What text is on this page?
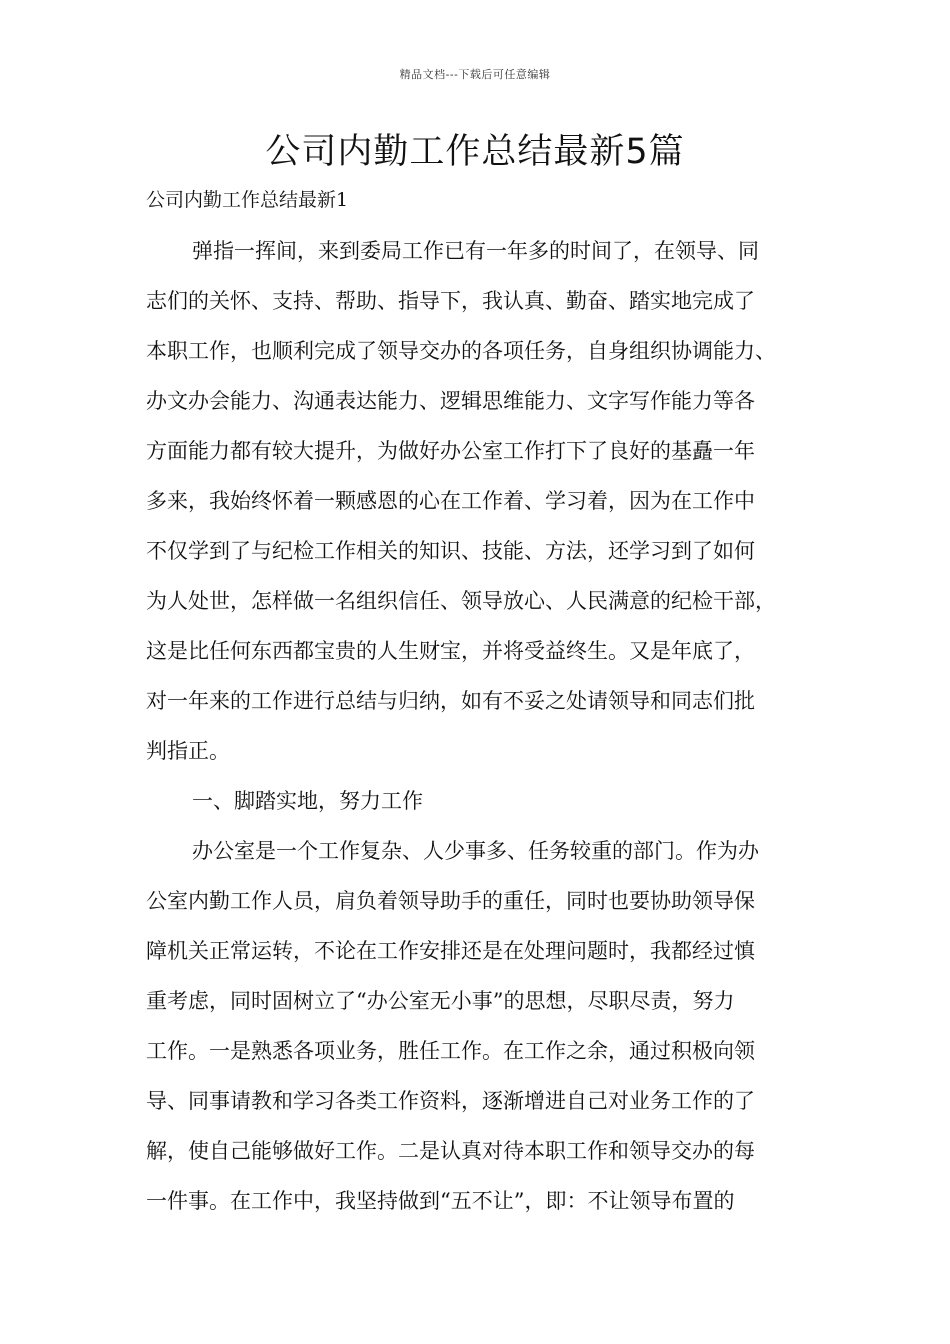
精品文档---下载后可任意编辑
公司内勤工作总结最新5篇

公司内勤工作总结最新1

弹指一挥间，来到委局工作已有一年多的时间了，在领导、同
志们的关怀、支持、帮助、指导下，我认真、勤奋、踏实地完成了
本职工作，也顺利完成了领导交办的各项任务，自身组织协调能力、
办文办会能力、沟通表达能力、逻辑思维能力、文字写作能力等各
方面能力都有较大提升，为做好办公室工作打下了良好的基矗一年
多来，我始终怀着一颗感恩的心在工作着、学习着，因为在工作中
不仅学到了与纪检工作相关的知识、技能、方法，还学习到了如何
为人处世，怎样做一名组织信任、领导放心、人民满意的纪检干部，
这是比任何东西都宝贵的人生财宝，并将受益终生。又是年底了，
对一年来的工作进行总结与归纳，如有不妥之处请领导和同志们批
判指正。
一、脚踏实地，努力工作
办公室是一个工作复杂、人少事多、任务较重的部门。作为办
公室内勤工作人员，肩负着领导助手的重任，同时也要协助领导保
障机关正常运转，不论在工作安排还是在处理问题时，我都经过慎
重考虑，同时固树立了“办公室无小事”的思想，尽职尽责，努力
工作。一是熟悉各项业务，胜任工作。在工作之余，通过积极向领
导、同事请教和学习各类工作资料，逐渐增进自己对业务工作的了
解，使自己能够做好工作。二是认真对待本职工作和领导交办的每
一件事。在工作中，我坚持做到“五不让”，即：不让领导布置的
